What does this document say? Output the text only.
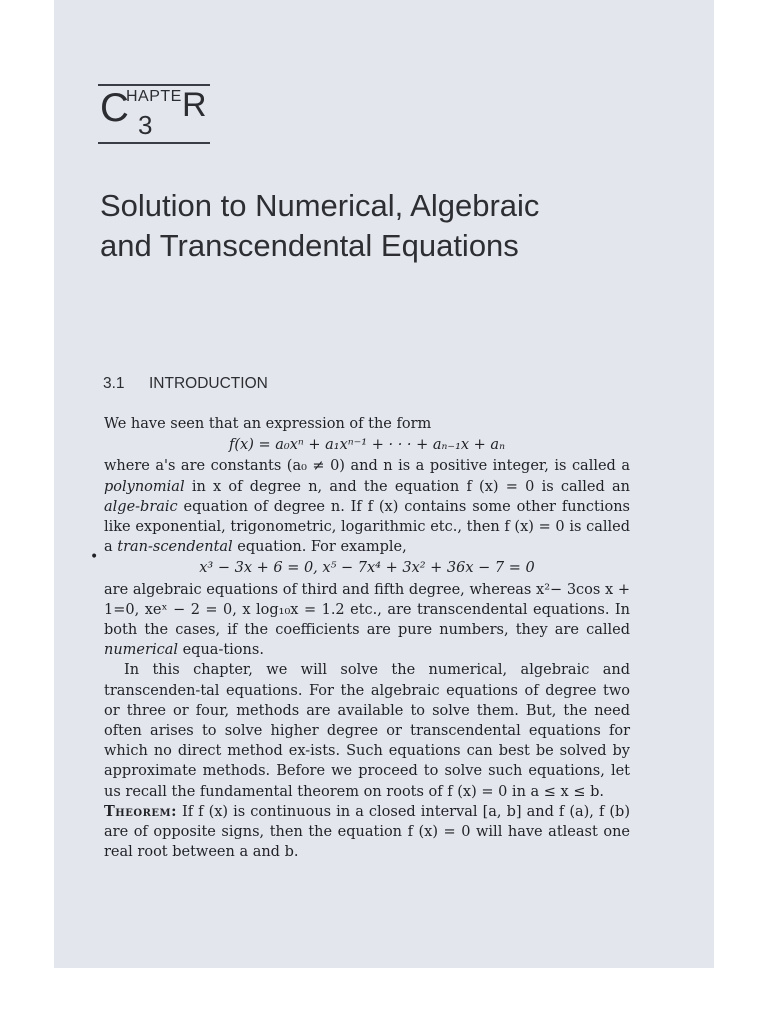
C
HAPTE R
3
Solution to Numerical, Algebraic
and Transcendental Equations
3.1 INTRODUCTION

We have seen that an expression of the form

f(x) = a₀xⁿ + a₁xⁿ⁻¹ + · · · + aₙ₋₁x + aₙ

where a's are constants (a₀ ≠ 0) and n is a positive integer, is called a polynomial in x of degree n, and the equation f (x) = 0 is called an alge-braic equation of degree n. If f (x) contains some other functions like exponential, trigonometric, logarithmic etc., then f (x) = 0 is called a tran-scendental equation. For example,

x³ − 3x + 6 = 0, x⁵ − 7x⁴ + 3x² + 36x − 7 = 0

are algebraic equations of third and fifth degree, whereas x²− 3cos x + 1=0, xeˣ − 2 = 0, x log₁₀x = 1.2 etc., are transcendental equations. In both the cases, if the coefficients are pure numbers, they are called numerical equa-tions.

In this chapter, we will solve the numerical, algebraic and transcenden-tal equations. For the algebraic equations of degree two or three or four, methods are available to solve them. But, the need often arises to solve higher degree or transcendental equations for which no direct method ex-ists. Such equations can best be solved by approximate methods. Before we proceed to solve such equations, let us recall the fundamental theorem on roots of f (x) = 0 in a ≤ x ≤ b.

Theorem: If f (x) is continuous in a closed interval [a, b] and f (a), f (b) are of opposite signs, then the equation f (x) = 0 will have atleast one real root between a and b.

•
